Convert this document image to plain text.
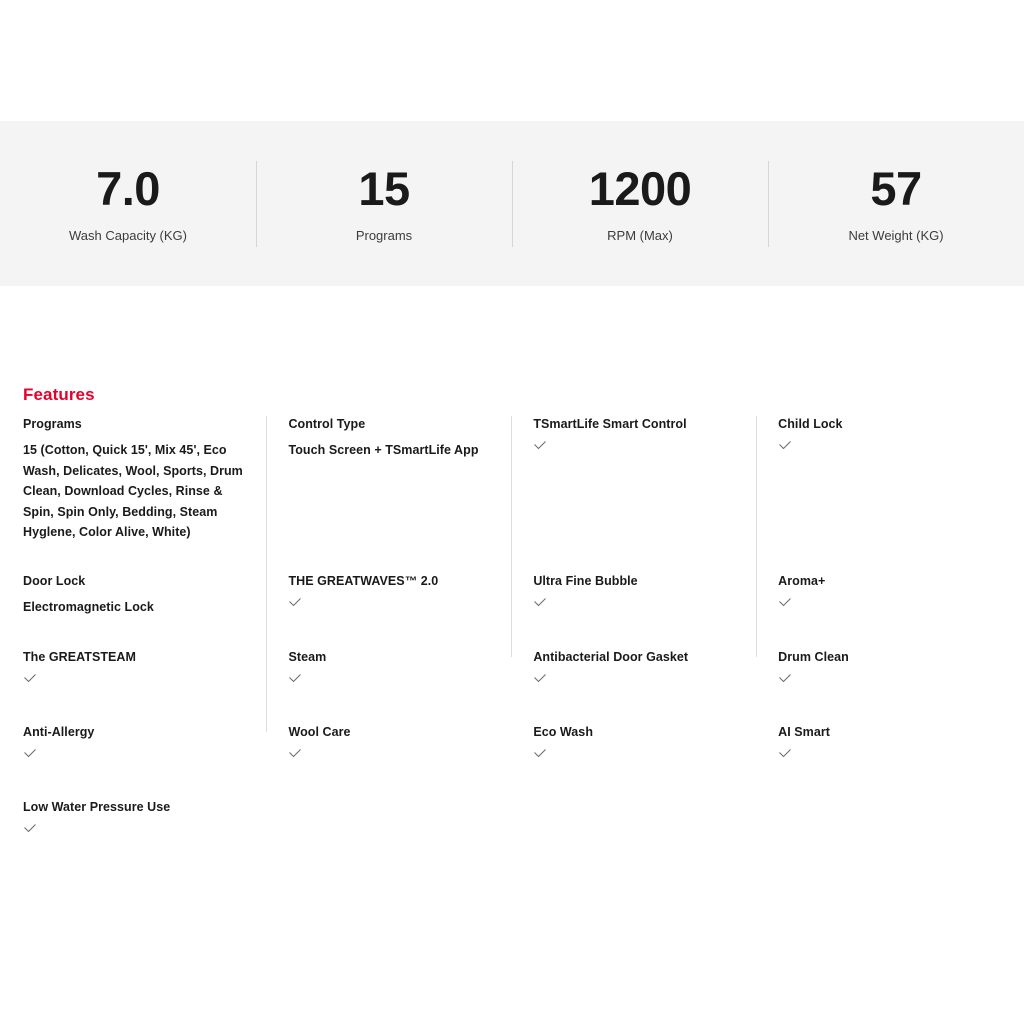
7.0
Wash Capacity (KG)
15
Programs
1200
RPM (Max)
57
Net Weight (KG)
Features
Programs
15 (Cotton, Quick 15', Mix 45', Eco Wash, Delicates, Wool, Sports, Drum Clean, Download Cycles, Rinse & Spin, Spin Only, Bedding, Steam Hyglene, Color Alive, White)
Door Lock
Electromagnetic Lock
The GREATSTEAM
Anti-Allergy
Low Water Pressure Use
Control Type
Touch Screen + TSmartLife App
THE GREATWAVES™ 2.0
Steam
Wool Care
TSmartLife Smart Control
Ultra Fine Bubble
Antibacterial Door Gasket
Eco Wash
Child Lock
Aroma+
Drum Clean
AI Smart
